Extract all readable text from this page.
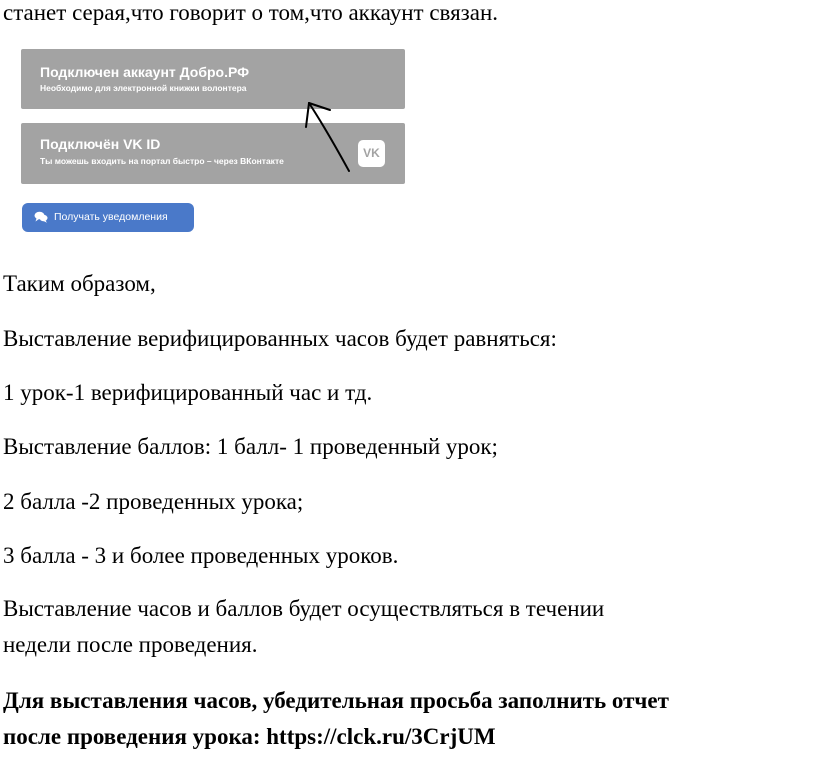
станет серая,что говорит о том,что аккаунт связан.
Подключен аккаунт Добро.РФ
Необходимо для электронной книжки волонтера
Подключён VK ID
Ты можешь входить на портал быстро – через ВКонтакте
VK
Получать уведомления
Таким образом,
Выставление верифицированных часов будет равняться:
1 урок-1 верифицированный час и тд.
Выставление баллов: 1 балл- 1 проведенный урок;
2 балла -2 проведенных урока;
3 балла - 3 и более проведенных уроков.
Выставление часов и баллов будет осуществляться в течении
недели после проведения.
Для выставления часов, убедительная просьба заполнить отчет
после проведения урока: https://clck.ru/3CrjUM
